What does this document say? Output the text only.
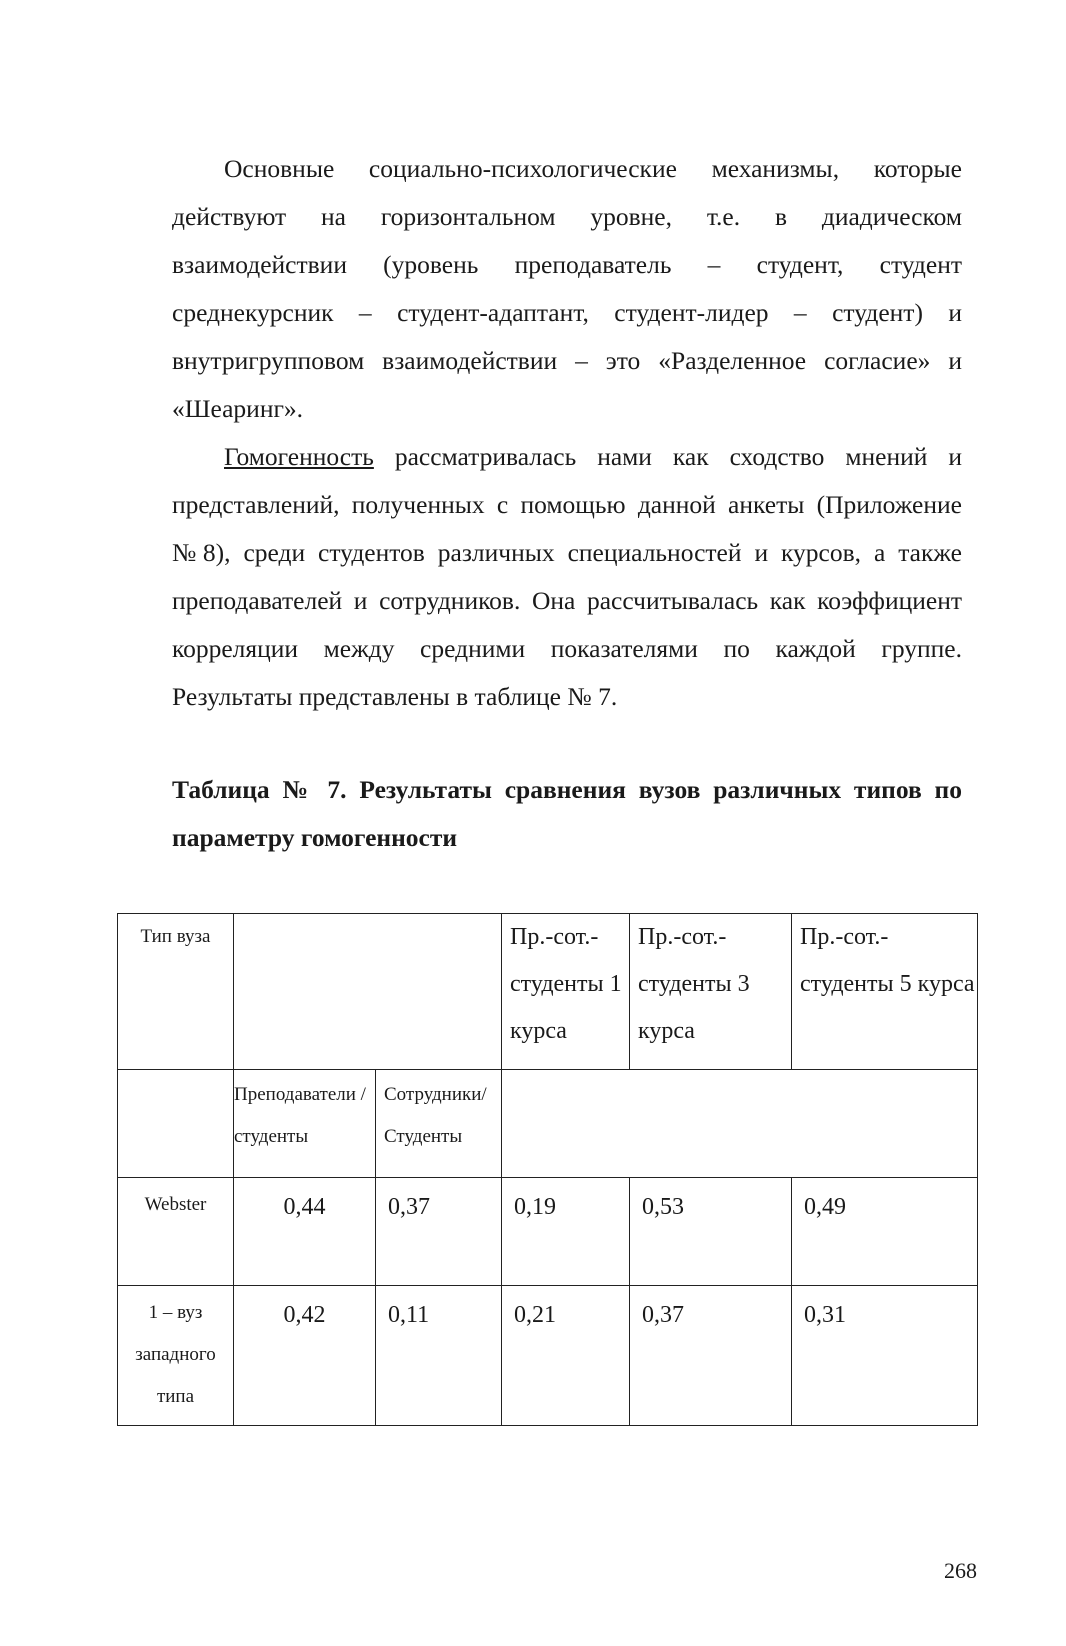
Основные социально-психологические механизмы, которые действуют на горизонтальном уровне, т.е. в диадическом взаимодействии (уровень преподаватель – студент, студент среднекурсник – студент-адаптант, студент-лидер – студент) и внутригрупповом взаимодействии – это «Разделенное согласие» и «Шеаринг».

Гомогенность рассматривалась нами как сходство мнений и представлений, полученных с помощью данной анкеты (Приложение №8), среди студентов различных специальностей и курсов, а также преподавателей и сотрудников. Она рассчитывалась как коэффициент корреляции между средними показателями по каждой группе. Результаты представлены в таблице № 7.

Таблица № 7. Результаты сравнения вузов различных типов по параметру гомогенности

Тип вуза			Пр.-сот.- студенты 1 курса	Пр.-сот.- студенты 3 курса	Пр.-сот.- студенты 5 курса
	Преподаватели /студенты	Сотрудники/ Студенты			
Webster	0,44	0,37	0,19	0,53	0,49
1 – вуз западного типа	0,42	0,11	0,21	0,37	0,31
268
